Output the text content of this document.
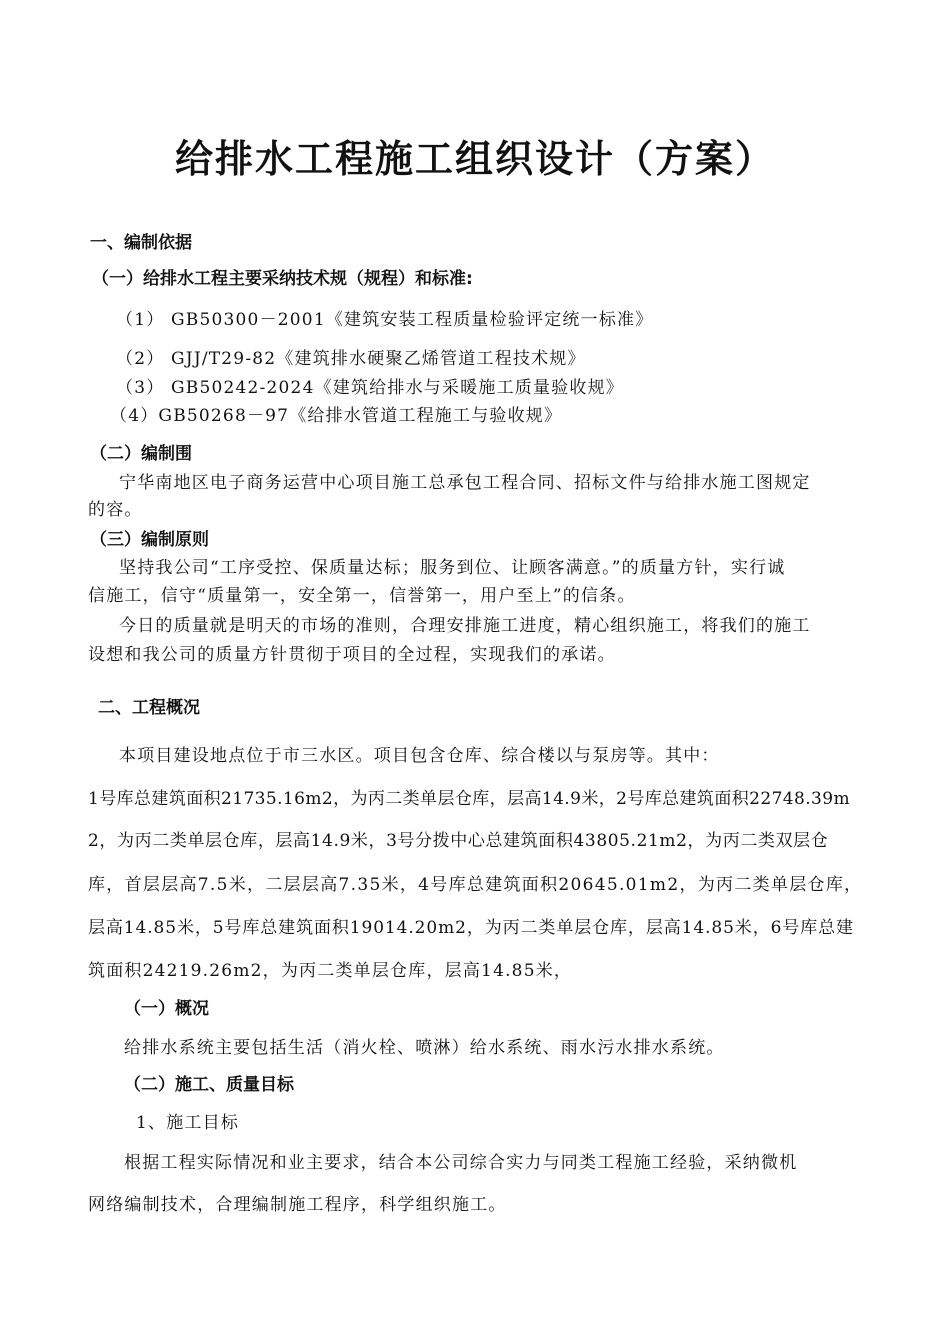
给排水工程施工组织设计（方案）
一、编制依据
（一）给排水工程主要采纳技术规（规程）和标准:
（1） GB50300－2001《建筑安装工程质量检验评定统一标准》
（2） GJJ/T29-82《建筑排水硬聚乙烯管道工程技术规》
（3） GB50242-2024《建筑给排水与采暖施工质量验收规》
（4）GB50268－97《给排水管道工程施工与验收规》
（二）编制围
宁华南地区电子商务运营中心项目施工总承包工程合同、招标文件与给排水施工图规定
的容。
（三）编制原则
坚持我公司“工序受控、保质量达标；服务到位、让顾客满意。”的质量方针，实行诚
信施工，信守“质量第一，安全第一，信誉第一，用户至上”的信条。
今日的质量就是明天的市场的准则，合理安排施工进度，精心组织施工，将我们的施工
设想和我公司的质量方针贯彻于项目的全过程，实现我们的承诺。
二、工程概况
本项目建设地点位于市三水区。项目包含仓库、综合楼以与泵房等。其中：
1号库总建筑面积21735.16m2，为丙二类单层仓库，层高14.9米，2号库总建筑面积22748.39m
2，为丙二类单层仓库，层高14.9米，3号分拨中心总建筑面积43805.21m2，为丙二类双层仓
库，首层层高7.5米，二层层高7.35米，4号库总建筑面积20645.01m2，为丙二类单层仓库，
层高14.85米，5号库总建筑面积19014.20m2，为丙二类单层仓库，层高14.85米，6号库总建
筑面积24219.26m2，为丙二类单层仓库，层高14.85米，
（一）概况
给排水系统主要包括生活（消火栓、喷淋）给水系统、雨水污水排水系统。
（二）施工、质量目标
1、施工目标
根据工程实际情况和业主要求，结合本公司综合实力与同类工程施工经验，采纳微机
网络编制技术，合理编制施工程序，科学组织施工。
